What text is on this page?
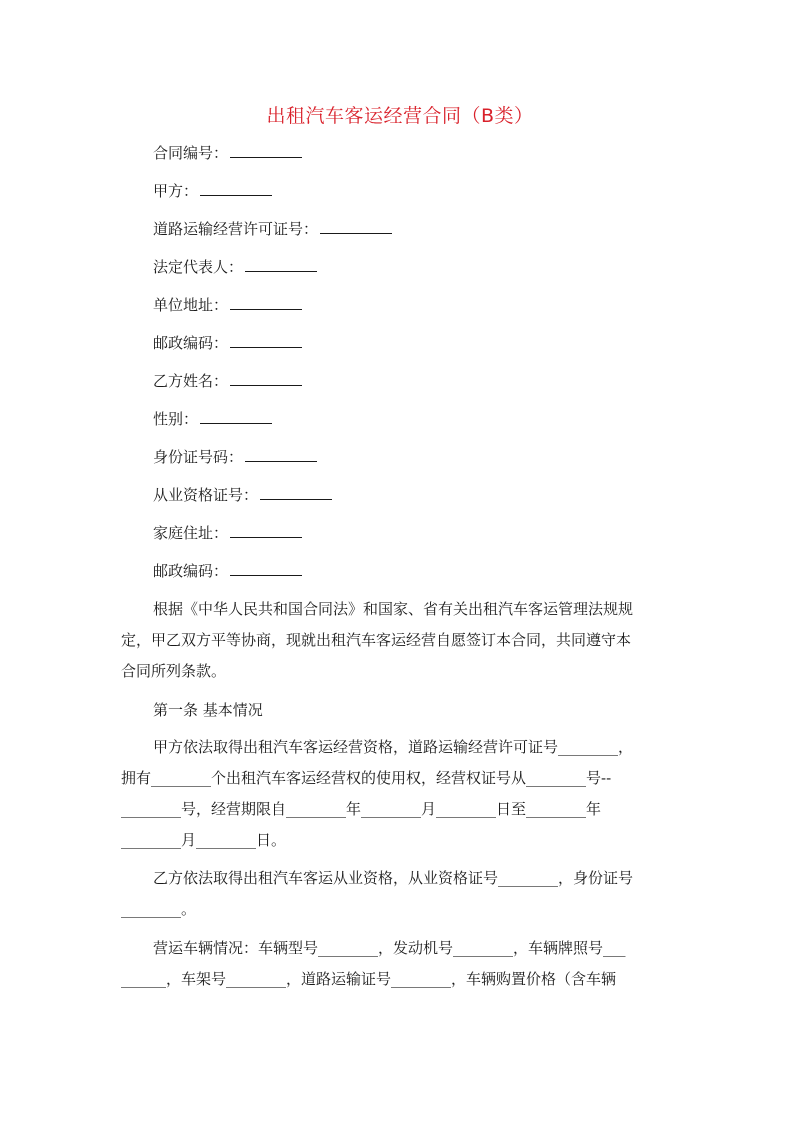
出租汽车客运经营合同（B类）
合同编号：
甲方：
道路运输经营许可证号：
法定代表人：
单位地址：
邮政编码：
乙方姓名：
性别：
身份证号码：
从业资格证号：
家庭住址：
邮政编码：
根据《中华人民共和国合同法》和国家、省有关出租汽车客运管理法规规
定，甲乙双方平等协商，现就出租汽车客运经营自愿签订本合同，共同遵守本
合同所列条款。
第一条 基本情况
甲方依法取得出租汽车客运经营资格，道路运输经营许可证号________，
拥有________个出租汽车客运经营权的使用权，经营权证号从________号--
________号，经营期限自________年________月________日至________年
________月________日。
乙方依法取得出租汽车客运从业资格，从业资格证号________，身份证号
________。
营运车辆情况：车辆型号________，发动机号________，车辆牌照号___
______，车架号________，道路运输证号________，车辆购置价格（含车辆
